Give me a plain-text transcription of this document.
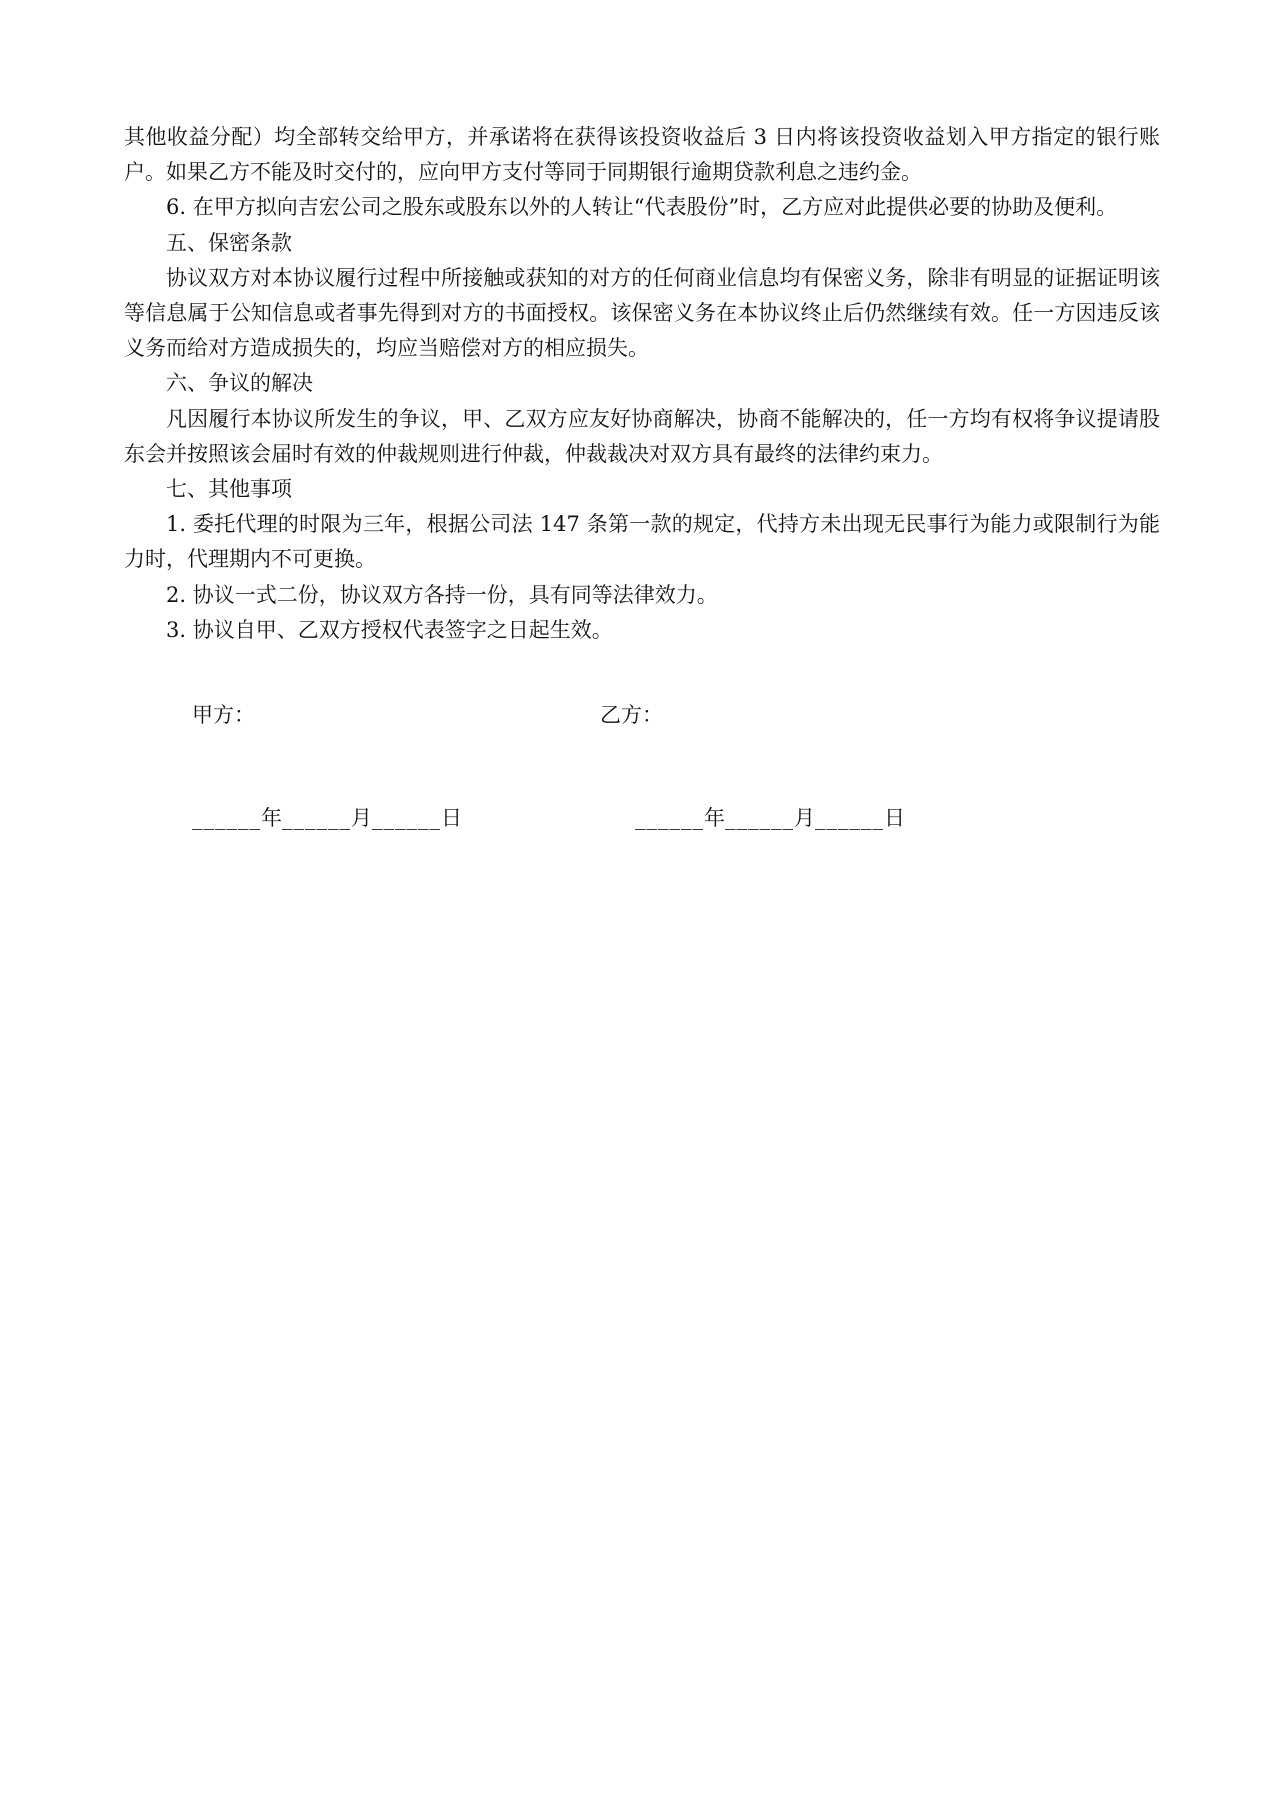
其他收益分配）均全部转交给甲方，并承诺将在获得该投资收益后 3 日内将该投资收益划入甲方指定的银行账户。如果乙方不能及时交付的，应向甲方支付等同于同期银行逾期贷款利息之违约金。

6. 在甲方拟向吉宏公司之股东或股东以外的人转让“代表股份”时，乙方应对此提供必要的协助及便利。

五、保密条款

协议双方对本协议履行过程中所接触或获知的对方的任何商业信息均有保密义务，除非有明显的证据证明该等信息属于公知信息或者事先得到对方的书面授权。该保密义务在本协议终止后仍然继续有效。任一方因违反该义务而给对方造成损失的，均应当赔偿对方的相应损失。

六、争议的解决

凡因履行本协议所发生的争议，甲、乙双方应友好协商解决，协商不能解决的，任一方均有权将争议提请股东会并按照该会届时有效的仲裁规则进行仲裁，仲裁裁决对双方具有最终的法律约束力。

七、其他事项

1. 委托代理的时限为三年，根据公司法 147 条第一款的规定，代持方未出现无民事行为能力或限制行为能力时，代理期内不可更换。

2. 协议一式二份，协议双方各持一份，具有同等法律效力。

3. 协议自甲、乙双方授权代表签字之日起生效。

甲方：	乙方：
______年______月______日	______年______月______日
